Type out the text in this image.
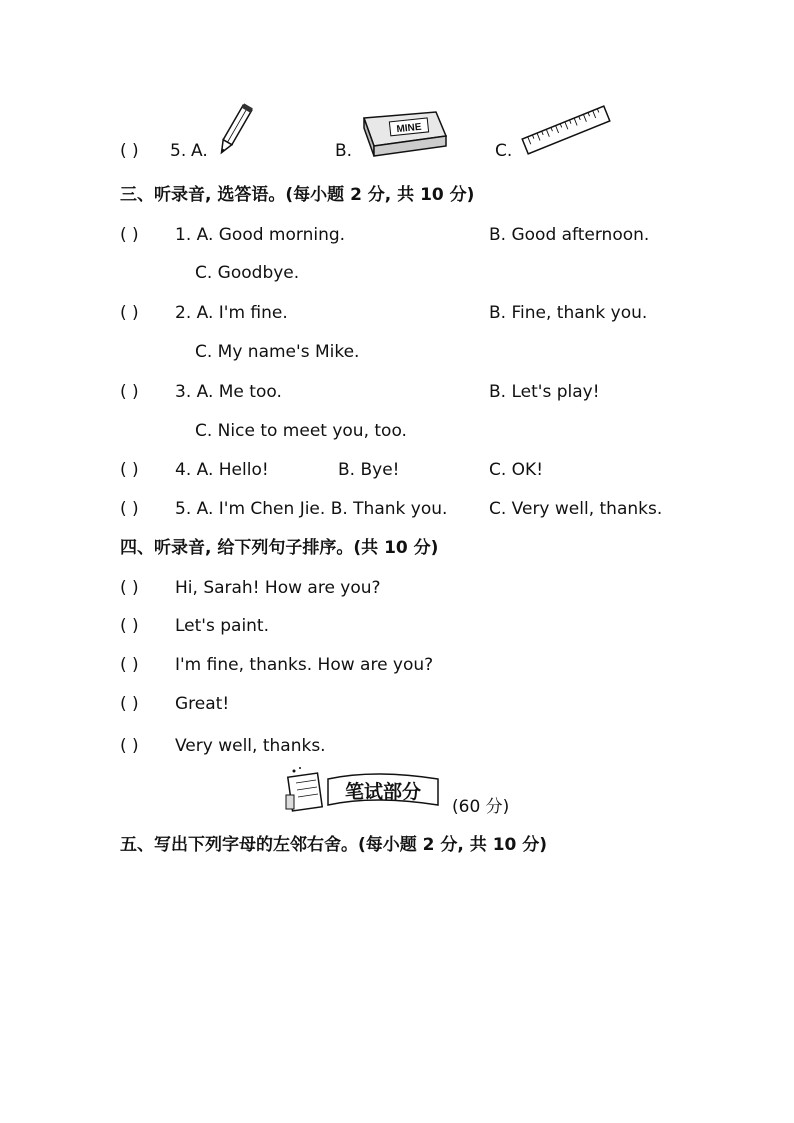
( ) 5. A.	B.
MINE
C.
三、听录音, 选答语。(每小题 2 分, 共 10 分)
( ) 1. A. Good morning.	B. Good afternoon.
C. Goodbye.
( ) 2. A. I'm fine.	B. Fine, thank you.
C. My name's Mike.
( ) 3. A. Me too.	B. Let's play!
C. Nice to meet you, too.
( ) 4. A. Hello!	B. Bye!	C. OK!
( ) 5. A. I'm Chen Jie. B. Thank you. C. Very well, thanks.
四、听录音, 给下列句子排序。(共 10 分)
( ) Hi, Sarah! How are you?
( ) Let's paint.
( ) I'm fine, thanks. How are you?
( ) Great!
( ) Very well, thanks.
笔试部分
(60 分)
五、写出下列字母的左邻右舍。(每小题 2 分, 共 10 分)
